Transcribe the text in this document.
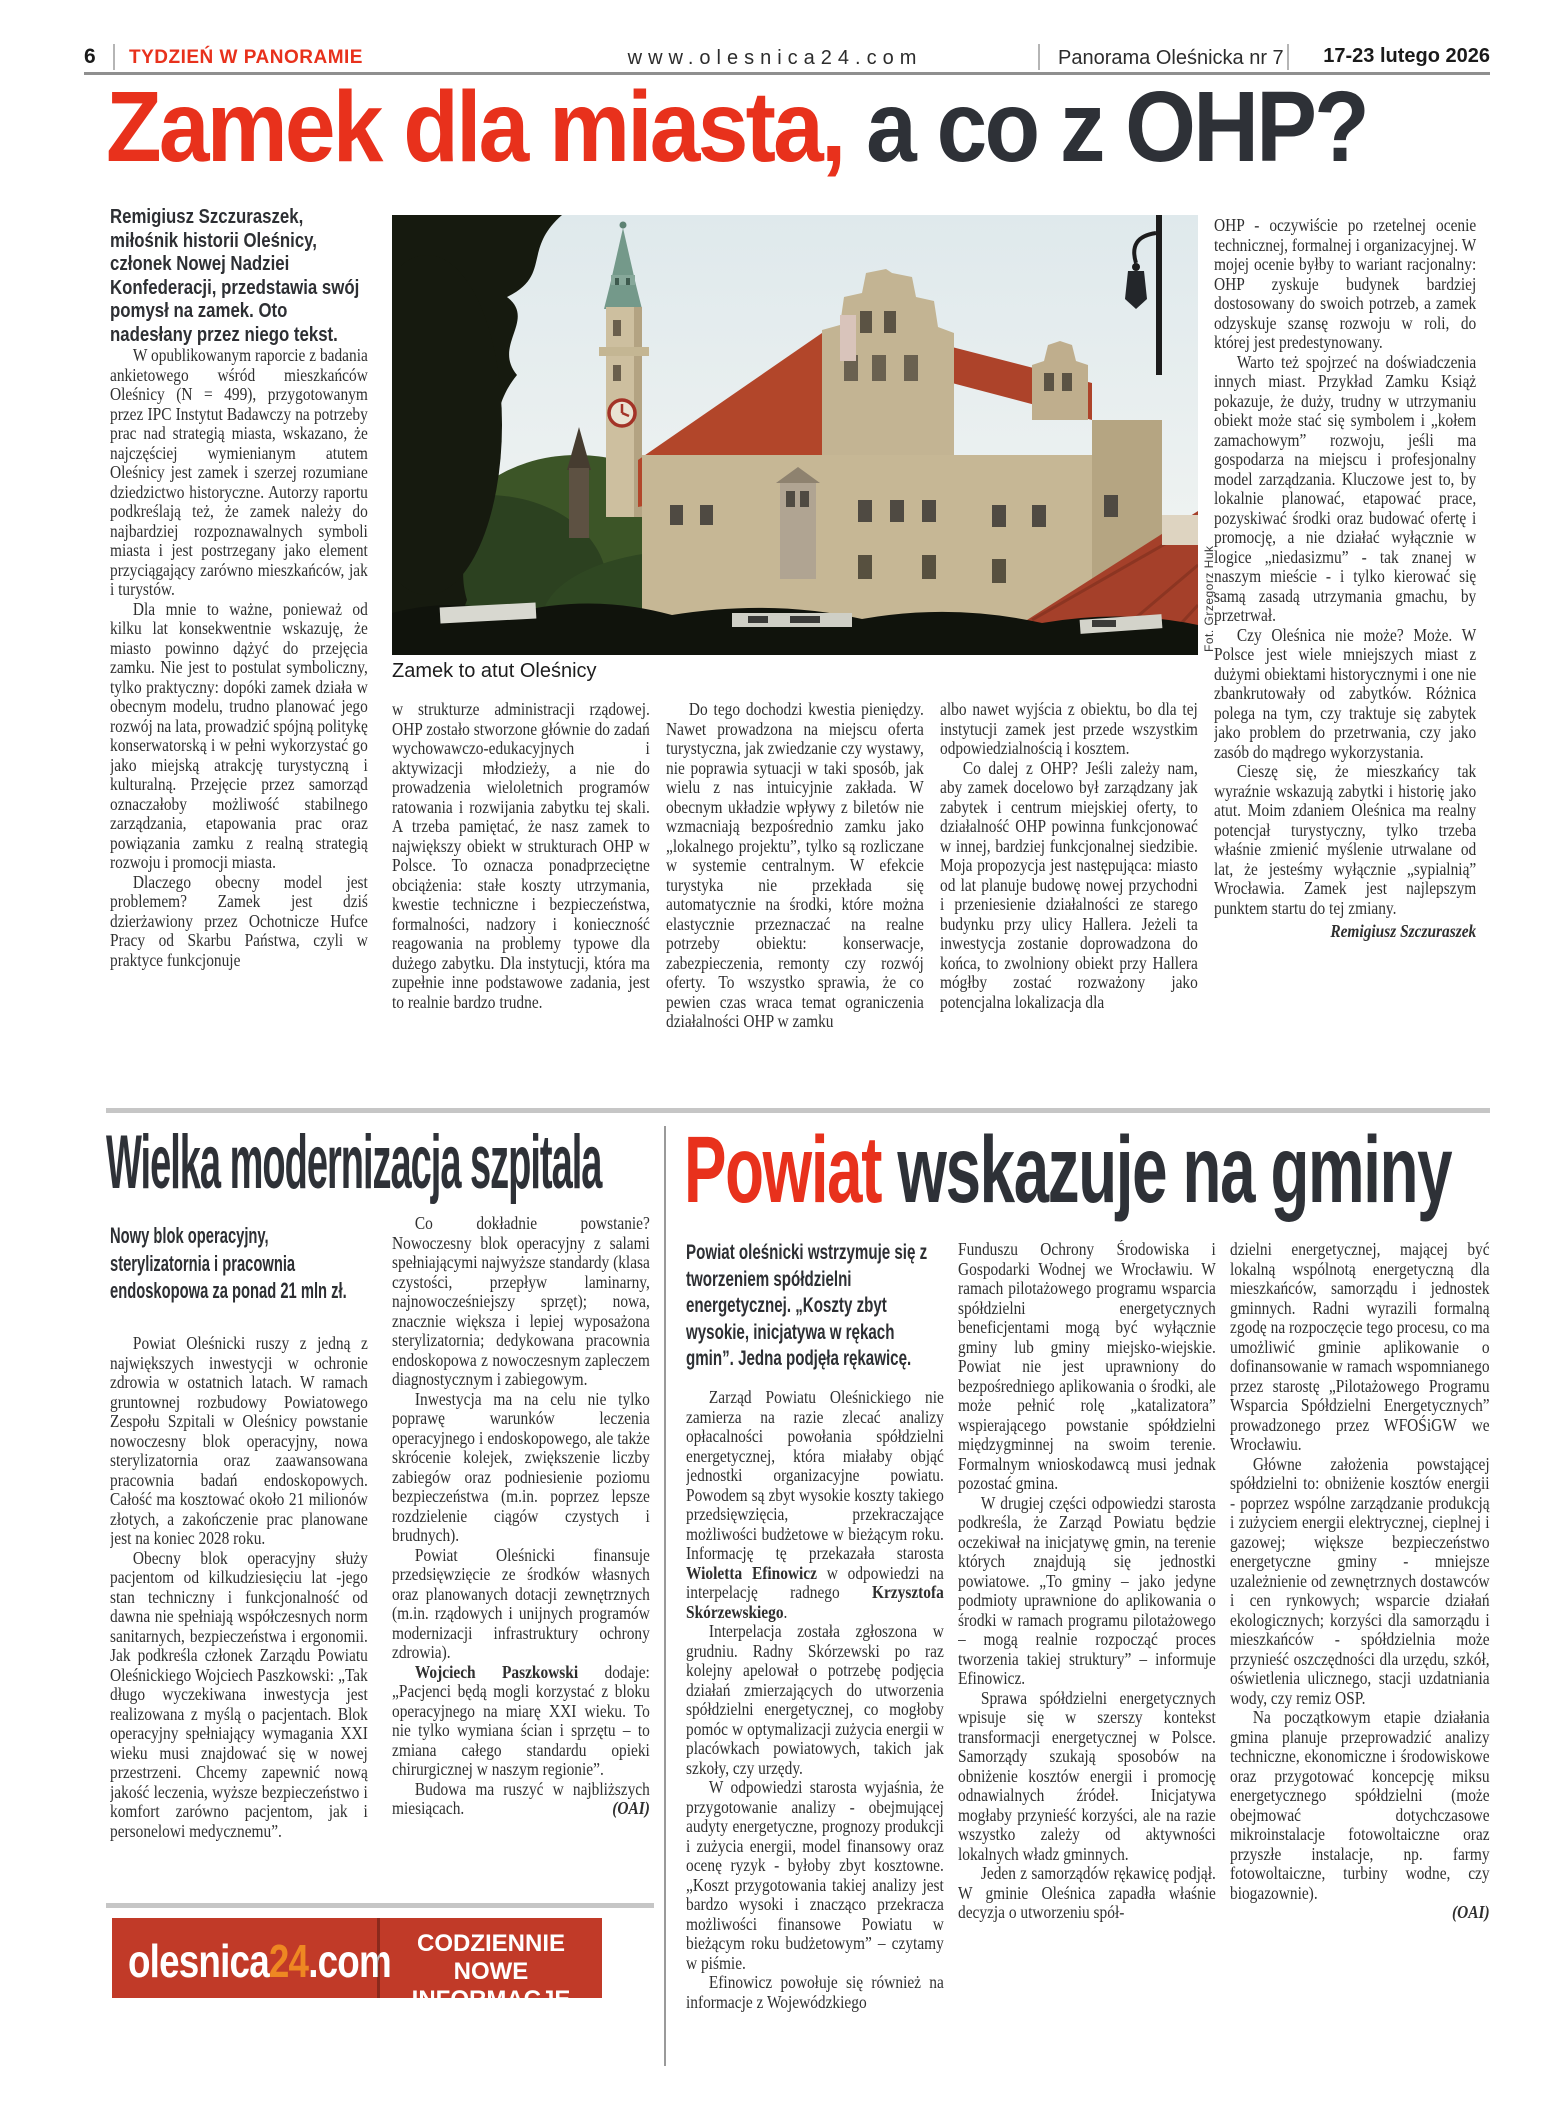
6 TYDZIEŃ W PANORAMIE	www.olesnica24.com	Panorama Oleśnicka nr 7	17-23 lutego 2026
Zamek dla miasta, a co z OHP?
Remigiusz Szczuraszek, miłośnik historii Oleśnicy, członek Nowej Nadziei Konfederacji, przedstawia swój pomysł na zamek. Oto nadesłany przez niego tekst.
Fot. Grzegorz Huk
Zamek to atut Oleśnicy

W opublikowanym raporcie z badania ankietowego wśród mieszkańców Oleśnicy (N = 499), przygotowanym przez IPC Instytut Badawczy na potrzeby prac nad strategią miasta, wskazano, że najczęściej wymienianym atutem Oleśnicy jest zamek i szerzej rozumiane dziedzictwo historyczne. Autorzy raportu podkreślają też, że zamek należy do najbardziej rozpoznawalnych symboli miasta i jest postrzegany jako element przyciągający zarówno mieszkańców, jak i turystów.

Dla mnie to ważne, ponieważ od kilku lat konsekwentnie wskazuję, że miasto powinno dążyć do przejęcia zamku. Nie jest to postulat symboliczny, tylko praktyczny: dopóki zamek działa w obecnym modelu, trudno planować jego rozwój na lata, prowadzić spójną politykę konserwatorską i w pełni wykorzystać go jako miejską atrakcję turystyczną i kulturalną. Przejęcie przez samorząd oznaczałoby możliwość stabilnego zarządzania, etapowania prac oraz powiązania zamku z realną strategią rozwoju i promocji miasta.

Dlaczego obecny model jest problemem? Zamek jest dziś dzierżawiony przez Ochotnicze Hufce Pracy od Skarbu Państwa, czyli w praktyce funkcjonuje

w strukturze administracji rządowej. OHP zostało stworzone głównie do zadań wychowawczo-edukacyjnych i aktywizacji młodzieży, a nie do prowadzenia wieloletnich programów ratowania i rozwijania zabytku tej skali. A trzeba pamiętać, że nasz zamek to największy obiekt w strukturach OHP w Polsce. To oznacza ponadprzeciętne obciążenia: stałe koszty utrzymania, kwestie techniczne i bezpieczeństwa, formalności, nadzory i konieczność reagowania na problemy typowe dla dużego zabytku. Dla instytucji, która ma zupełnie inne podstawowe zadania, jest to realnie bardzo trudne.

Do tego dochodzi kwestia pieniędzy. Nawet prowadzona na miejscu oferta turystyczna, jak zwiedzanie czy wystawy, nie poprawia sytuacji w taki sposób, jak wielu z nas intuicyjnie zakłada. W obecnym układzie wpływy z biletów nie wzmacniają bezpośrednio zamku jako „lokalnego projektu”, tylko są rozliczane w systemie centralnym. W efekcie turystyka nie przekłada się automatycznie na środki, które można elastycznie przeznaczać na realne potrzeby obiektu: konserwacje, zabezpieczenia, remonty czy rozwój oferty. To wszystko sprawia, że co pewien czas wraca temat ograniczenia działalności OHP w zamku

albo nawet wyjścia z obiektu, bo dla tej instytucji zamek jest przede wszystkim odpowiedzialnością i kosztem.

Co dalej z OHP? Jeśli zależy nam, aby zamek docelowo był zarządzany jak zabytek i centrum miejskiej oferty, to działalność OHP powinna funkcjonować w innej, bardziej funkcjonalnej siedzibie. Moja propozycja jest następująca: miasto od lat planuje budowę nowej przychodni i przeniesienie działalności ze starego budynku przy ulicy Hallera. Jeżeli ta inwestycja zostanie doprowadzona do końca, to zwolniony obiekt przy Hallera mógłby zostać rozważony jako potencjalna lokalizacja dla

OHP - oczywiście po rzetelnej ocenie technicznej, formalnej i organizacyjnej. W mojej ocenie byłby to wariant racjonalny: OHP zyskuje budynek bardziej dostosowany do swoich potrzeb, a zamek odzyskuje szansę rozwoju w roli, do której jest predestynowany.

Warto też spojrzeć na doświadczenia innych miast. Przykład Zamku Książ pokazuje, że duży, trudny w utrzymaniu obiekt może stać się symbolem i „kołem zamachowym” rozwoju, jeśli ma gospodarza na miejscu i profesjonalny model zarządzania. Kluczowe jest to, by lokalnie planować, etapować prace, pozyskiwać środki oraz budować ofertę i promocję, a nie działać wyłącznie w logice „niedasizmu” - tak znanej w naszym mieście - i tylko kierować się samą zasadą utrzymania gmachu, by przetrwał.

Czy Oleśnica nie może? Może. W Polsce jest wiele mniejszych miast z dużymi obiektami historycznymi i one nie zbankrutowały od zabytków. Różnica polega na tym, czy traktuje się zabytek jako problem do przetrwania, czy jako zasób do mądrego wykorzystania.

Cieszę się, że mieszkańcy tak wyraźnie wskazują zabytki i historię jako atut. Moim zdaniem Oleśnica ma realny potencjał turystyczny, tylko trzeba właśnie zmienić myślenie utrwalane od lat, że jesteśmy wyłącznie „sypialnią” Wrocławia. Zamek jest najlepszym punktem startu do tej zmiany.

Remigiusz Szczuraszek

Wielka modernizacja szpitala
Nowy blok operacyjny, sterylizatornia i pracownia endoskopowa za ponad 21 mln zł.

Powiat Oleśnicki ruszy z jedną z największych inwestycji w ochronie zdrowia w ostatnich latach. W ramach gruntownej rozbudowy Powiatowego Zespołu Szpitali w Oleśnicy powstanie nowoczesny blok operacyjny, nowa sterylizatornia oraz zaawansowana pracownia badań endoskopowych. Całość ma kosztować około 21 milionów złotych, a zakończenie prac planowane jest na koniec 2028 roku.

Obecny blok operacyjny służy pacjentom od kilkudziesięciu lat -jego stan techniczny i funkcjonalność od dawna nie spełniają współczesnych norm sanitarnych, bezpieczeństwa i ergonomii. Jak podkreśla członek Zarządu Powiatu Oleśnickiego Wojciech Paszkowski: „Tak długo wyczekiwana inwestycja jest realizowana z myślą o pacjentach. Blok operacyjny spełniający wymagania XXI wieku musi znajdować się w nowej przestrzeni. Chcemy zapewnić nową jakość leczenia, wyższe bezpieczeństwo i komfort zarówno pacjentom, jak i personelowi medycznemu”.

Co dokładnie powstanie? Nowoczesny blok operacyjny z salami spełniającymi najwyższe standardy (klasa czystości, przepływ laminarny, najnowocześniejszy sprzęt); nowa, znacznie większa i lepiej wyposażona sterylizatornia; dedykowana pracownia endoskopowa z nowoczesnym zapleczem diagnostycznym i zabiegowym.

Inwestycja ma na celu nie tylko poprawę warunków leczenia operacyjnego i endoskopowego, ale także skrócenie kolejek, zwiększenie liczby zabiegów oraz podniesienie poziomu bezpieczeństwa (m.in. poprzez lepsze rozdzielenie ciągów czystych i brudnych).

Powiat Oleśnicki finansuje przedsięwzięcie ze środków własnych oraz planowanych dotacji zewnętrznych (m.in. rządowych i unijnych programów modernizacji infrastruktury ochrony zdrowia).

Wojciech Paszkowski dodaje: „Pacjenci będą mogli korzystać z bloku operacyjnego na miarę XXI wieku. To nie tylko wymiana ścian i sprzętu – to zmiana całego standardu opieki chirurgicznej w naszym regionie”.

Budowa ma ruszyć w najbliższych miesiącach.	(OAI)

olesnica24.com	CODZIENNIE NOWE
INFORMACJE
Powiat wskazuje na gminy
Powiat oleśnicki wstrzymuje się z tworzeniem spółdzielni energetycznej. „Koszty zbyt wysokie, inicjatywa w rękach gmin”. Jedna podjęła rękawicę.

Zarząd Powiatu Oleśnickiego nie zamierza na razie zlecać analizy opłacalności powołania spółdzielni energetycznej, która miałaby objąć jednostki organizacyjne powiatu. Powodem są zbyt wysokie koszty takiego przedsięwzięcia, przekraczające możliwości budżetowe w bieżącym roku. Informację tę przekazała starosta Wioletta Efinowicz w odpowiedzi na interpelację radnego Krzysztofa Skórzewskiego.

Interpelacja została zgłoszona w grudniu. Radny Skórzewski po raz kolejny apelował o potrzebę podjęcia działań zmierzających do utworzenia spółdzielni energetycznej, co mogłoby pomóc w optymalizacji zużycia energii w placówkach powiatowych, takich jak szkoły, czy urzędy.

W odpowiedzi starosta wyjaśnia, że przygotowanie analizy - obejmującej audyty energetyczne, prognozy produkcji i zużycia energii, model finansowy oraz ocenę ryzyk - byłoby zbyt kosztowne. „Koszt przygotowania takiej analizy jest bardzo wysoki i znacząco przekracza możliwości finansowe Powiatu w bieżącym roku budżetowym” – czytamy w piśmie.

Efinowicz powołuje się również na informacje z Wojewódzkiego

Funduszu Ochrony Środowiska i Gospodarki Wodnej we Wrocławiu. W ramach pilotażowego programu wsparcia spółdzielni energetycznych beneficjentami mogą być wyłącznie gminy lub gminy miejsko-wiejskie. Powiat nie jest uprawniony do bezpośredniego aplikowania o środki, ale może pełnić rolę „katalizatora” wspierającego powstanie spółdzielni międzygminnej na swoim terenie. Formalnym wnioskodawcą musi jednak pozostać gmina.

W drugiej części odpowiedzi starosta podkreśla, że Zarząd Powiatu będzie oczekiwał na inicjatywę gmin, na terenie których znajdują się jednostki powiatowe. „To gminy – jako jedyne podmioty uprawnione do aplikowania o środki w ramach programu pilotażowego – mogą realnie rozpocząć proces tworzenia takiej struktury” – informuje Efinowicz.

Sprawa spółdzielni energetycznych wpisuje się w szerszy kontekst transformacji energetycznej w Polsce. Samorządy szukają sposobów na obniżenie kosztów energii i promocję odnawialnych źródeł. Inicjatywa mogłaby przynieść korzyści, ale na razie wszystko zależy od aktywności lokalnych władz gminnych.

Jeden z samorządów rękawicę podjął. W gminie Oleśnica zapadła właśnie decyzja o utworzeniu spół-

dzielni energetycznej, mającej być lokalną wspólnotą energetyczną dla mieszkańców, samorządu i jednostek gminnych. Radni wyrazili formalną zgodę na rozpoczęcie tego procesu, co ma umożliwić gminie aplikowanie o dofinansowanie w ramach wspomnianego przez starostę „Pilotażowego Programu Wsparcia Spółdzielni Energetycznych” prowadzonego przez WFOŚiGW we Wrocławiu.

Główne założenia powstającej spółdzielni to: obniżenie kosztów energii - poprzez wspólne zarządzanie produkcją i zużyciem energii elektrycznej, cieplnej i gazowej; większe bezpieczeństwo energetyczne gminy - mniejsze uzależnienie od zewnętrznych dostawców i cen rynkowych; wsparcie działań ekologicznych; korzyści dla samorządu i mieszkańców - spółdzielnia może przynieść oszczędności dla urzędu, szkół, oświetlenia ulicznego, stacji uzdatniania wody, czy remiz OSP.

Na początkowym etapie działania gmina planuje przeprowadzić analizy techniczne, ekonomiczne i środowiskowe oraz przygotować koncepcję miksu energetycznego spółdzielni (może obejmować dotychczasowe mikroinstalacje fotowoltaiczne oraz przyszłe instalacje, np. farmy fotowoltaiczne, turbiny wodne, czy biogazownie).

(OAI)
